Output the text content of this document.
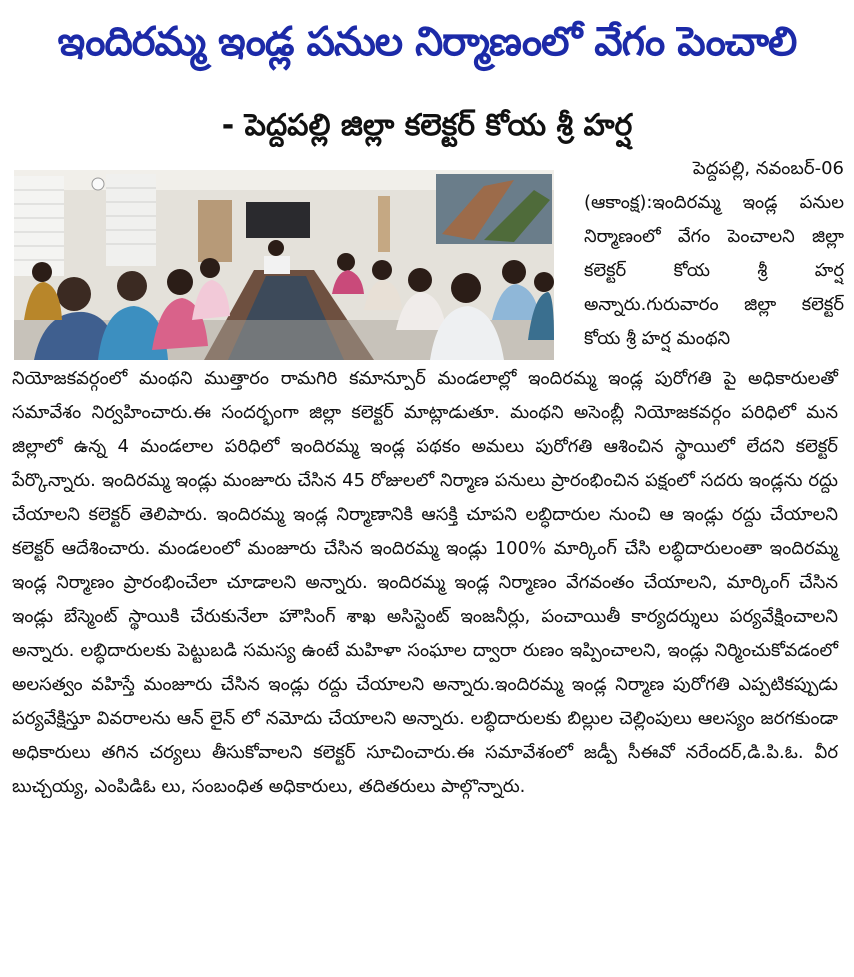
ఇందిరమ్మ ఇండ్ల పనుల నిర్మాణంలో వేగం పెంచాలి
- పెద్దపల్లి జిల్లా కలెక్టర్ కోయ శ్రీ హర్ష

పెద్దపల్లి, నవంబర్-06

(ఆకాంక్ష):ఇందిరమ్మ ఇండ్ల పనుల నిర్మాణంలో వేగం పెంచాలని జిల్లా కలెక్టర్ కోయ శ్రీ హర్ష అన్నారు.గురువారం జిల్లా కలెక్టర్ కోయ శ్రీ హర్ష మంథని

నియోజకవర్గంలో మంథని ముత్తారం రామగిరి కమాన్పూర్ మండలాల్లో ఇందిరమ్మ ఇండ్ల పురోగతి పై అధికారులతో సమావేశం నిర్వహించారు.ఈ సందర్భంగా జిల్లా కలెక్టర్ మాట్లాడుతూ. మంథని అసెంబ్లీ నియోజకవర్గం పరిధిలో మన జిల్లాలో ఉన్న 4 మండలాల పరిధిలో ఇందిరమ్మ ఇండ్ల పథకం అమలు పురోగతి ఆశించిన స్థాయిలో లేదని కలెక్టర్ పేర్కొన్నారు. ఇందిరమ్మ ఇండ్లు మంజూరు చేసిన 45 రోజులలో నిర్మాణ పనులు ప్రారంభించిన పక్షంలో సదరు ఇండ్లను రద్దు చేయాలని కలెక్టర్ తెలిపారు. ఇందిరమ్మ ఇండ్ల నిర్మాణానికి ఆసక్తి చూపని లబ్ధిదారుల నుంచి ఆ ఇండ్లు రద్దు చేయాలని కలెక్టర్ ఆదేశించారు. మండలంలో మంజూరు చేసిన ఇందిరమ్మ ఇండ్లు 100% మార్కింగ్ చేసి లబ్ధిదారులంతా ఇందిరమ్మ ఇండ్ల నిర్మాణం ప్రారంభించేలా చూడాలని అన్నారు. ఇందిరమ్మ ఇండ్ల నిర్మాణం వేగవంతం చేయాలని, మార్కింగ్ చేసిన ఇండ్లు బేస్మెంట్ స్థాయికి చేరుకునేలా హౌసింగ్ శాఖ అసిస్టెంట్ ఇంజనీర్లు, పంచాయితీ కార్యదర్శులు పర్యవేక్షించాలని అన్నారు. లబ్ధిదారులకు పెట్టుబడి సమస్య ఉంటే మహిళా సంఘాల ద్వారా రుణం ఇప్పించాలని, ఇండ్లు నిర్మించుకోవడంలో అలసత్వం వహిస్తే మంజూరు చేసిన ఇండ్లు రద్దు చేయాలని అన్నారు.ఇందిరమ్మ ఇండ్ల నిర్మాణ పురోగతి ఎప్పటికప్పుడు పర్యవేక్షిస్తూ వివరాలను ఆన్ లైన్ లో నమోదు చేయాలని అన్నారు. లబ్ధిదారులకు బిల్లుల చెల్లింపులు ఆలస్యం జరగకుండా అధికారులు తగిన చర్యలు తీసుకోవాలని కలెక్టర్ సూచించారు.ఈ సమావేశంలో జడ్పీ సీఈవో నరేందర్,డి.పి.ఓ. వీర బుచ్చయ్య, ఎంపిడిఓ లు, సంబంధిత అధికారులు, తదితరులు పాల్గొన్నారు.
